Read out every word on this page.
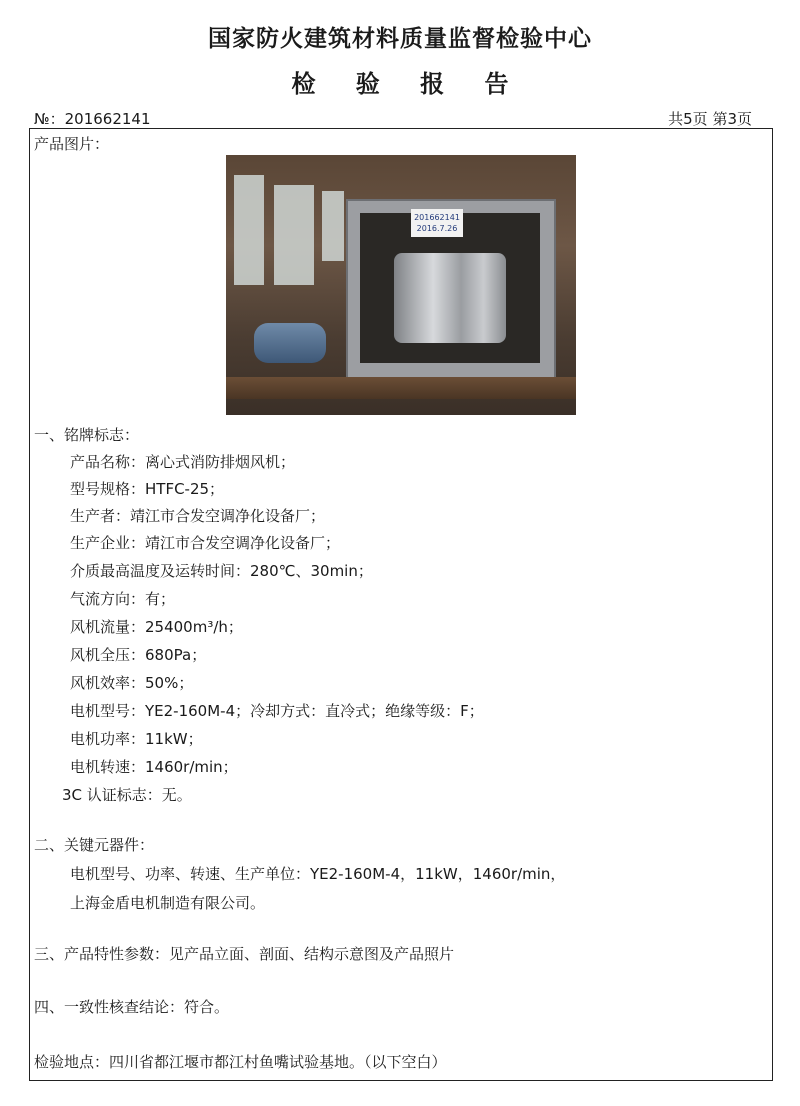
国家防火建筑材料质量监督检验中心
检 验 报 告
№：201662141	共5页 第3页
产品图片：
201662141
2016.7.26
一、铭牌标志：
产品名称：离心式消防排烟风机；
型号规格：HTFC-25；
生产者：靖江市合发空调净化设备厂；
生产企业：靖江市合发空调净化设备厂；
介质最高温度及运转时间：280℃、30min；
气流方向：有；
风机流量：25400m³/h；
风机全压：680Pa；
风机效率：50%；
电机型号：YE2-160M-4；冷却方式：直冷式；绝缘等级：F；
电机功率：11kW；
电机转速：1460r/min；
3C 认证标志：无。
二、关键元器件：
电机型号、功率、转速、生产单位：YE2-160M-4，11kW，1460r/min，
上海金盾电机制造有限公司。
三、产品特性参数：见产品立面、剖面、结构示意图及产品照片
四、一致性核查结论：符合。
检验地点：四川省都江堰市都江村鱼嘴试验基地。（以下空白）
